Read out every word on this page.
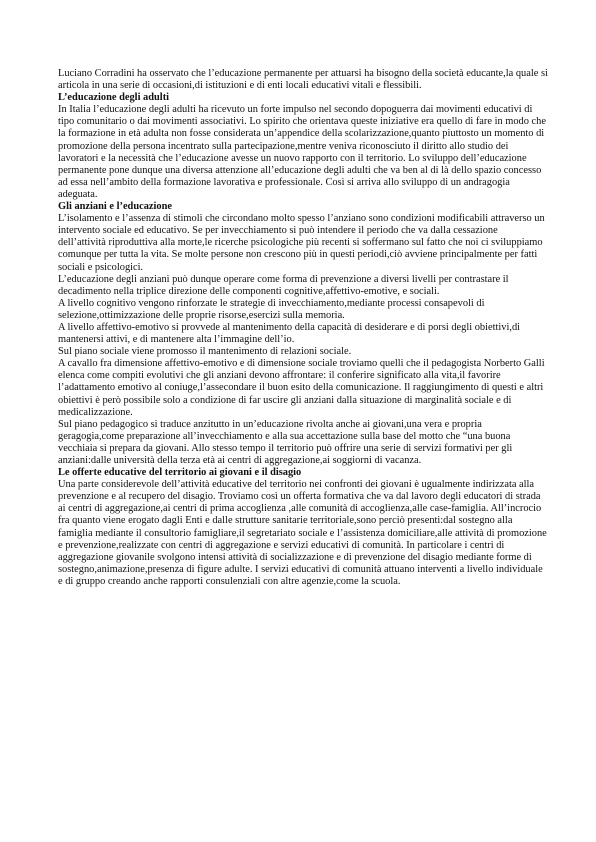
Luciano Corradini ha osservato che l’educazione permanente per attuarsi ha bisogno della società educante,la quale si articola in una serie di occasioni,di istituzioni e di enti locali educativi vitali e flessibili.

L’educazione degli adulti

In Italia l’educazione degli adulti ha ricevuto un forte impulso nel secondo dopoguerra dai movimenti educativi di tipo comunitario o dai movimenti associativi. Lo spirito che orientava queste iniziative era quello di fare in modo che la formazione in età adulta non fosse considerata un’appendice della scolarizzazione,quanto piuttosto un momento di promozione della persona incentrato sulla partecipazione,mentre veniva riconosciuto il diritto allo studio dei lavoratori e la necessità che l’educazione avesse un nuovo rapporto con il territorio. Lo sviluppo dell’educazione permanente pone dunque una diversa attenzione all’educazione degli adulti che va ben al di là dello spazio concesso ad essa nell’ambito della formazione lavorativa e professionale. Così si arriva allo sviluppo di un andragogia adeguata.

Gli anziani e l’educazione

L’isolamento e l’assenza di stimoli che circondano molto spesso l’anziano sono condizioni modificabili attraverso un intervento sociale ed educativo. Se per invecchiamento si può intendere il periodo che va dalla cessazione dell’attività riproduttiva alla morte,le ricerche psicologiche più recenti si soffermano sul fatto che noi ci sviluppiamo comunque per tutta la vita. Se molte persone non crescono più in questi periodi,ciò avviene principalmente per fatti sociali e psicologici.

L’educazione degli anziani può dunque operare come forma di prevenzione a diversi livelli per contrastare il decadimento nella triplice direzione delle componenti cognitive,affettivo-emotive, e sociali.

A livello cognitivo vengono rinforzate le strategie di invecchiamento,mediante processi consapevoli di selezione,ottimizzazione delle proprie risorse,esercizi sulla memoria.

A livello affettivo-emotivo si provvede al mantenimento della capacità di desiderare e di porsi degli obiettivi,di mantenersi attivi, e di mantenere alta l’immagine dell’io.

Sul piano sociale viene promosso il mantenimento di relazioni sociale.

A cavallo fra dimensione affettivo-emotivo e di dimensione sociale troviamo quelli che il pedagogista Norberto Galli elenca come compiti evolutivi che gli anziani devono affrontare: il conferire significato alla vita,il favorire l’adattamento emotivo al coniuge,l’assecondare il buon esito della comunicazione. Il raggiungimento di questi e altri obiettivi è però possibile solo a condizione di far uscire gli anziani dalla situazione di marginalità sociale e di medicalizzazione.

Sul piano pedagogico si traduce anzitutto in un’educazione rivolta anche ai giovani,una vera e propria geragogia,come preparazione all’invecchiamento e alla sua accettazione sulla base del motto che “una buona vecchiaia si prepara da giovani. Allo stesso tempo il territorio può offrire una serie di servizi formativi per gli anziani:dalle università della terza età ai centri di aggregazione,ai soggiorni di vacanza.

Le offerte educative del territorio ai giovani e il disagio

Una parte considerevole dell’attività educative del territorio nei confronti dei giovani è ugualmente indirizzata alla prevenzione e al recupero del disagio. Troviamo così un offerta formativa che va dal lavoro degli educatori di strada ai centri di aggregazione,ai centri di prima accoglienza ,alle comunità di accoglienza,alle case-famiglia. All’incrocio fra quanto viene erogato dagli Enti e dalle strutture sanitarie territoriale,sono perciò presenti:dal sostegno alla famiglia mediante il consultorio famigliare,il segretariato sociale e l’assistenza domiciliare,alle attività di promozione e prevenzione,realizzate con centri di aggregazione e servizi educativi di comunità. In particolare i centri di aggregazione giovanile svolgono intensi attività di socializzazione e di prevenzione del disagio mediante forme di sostegno,animazione,presenza di figure adulte. I servizi educativi di comunità attuano interventi a livello individuale e di gruppo creando anche rapporti consulenziali con altre agenzie,come la scuola.
